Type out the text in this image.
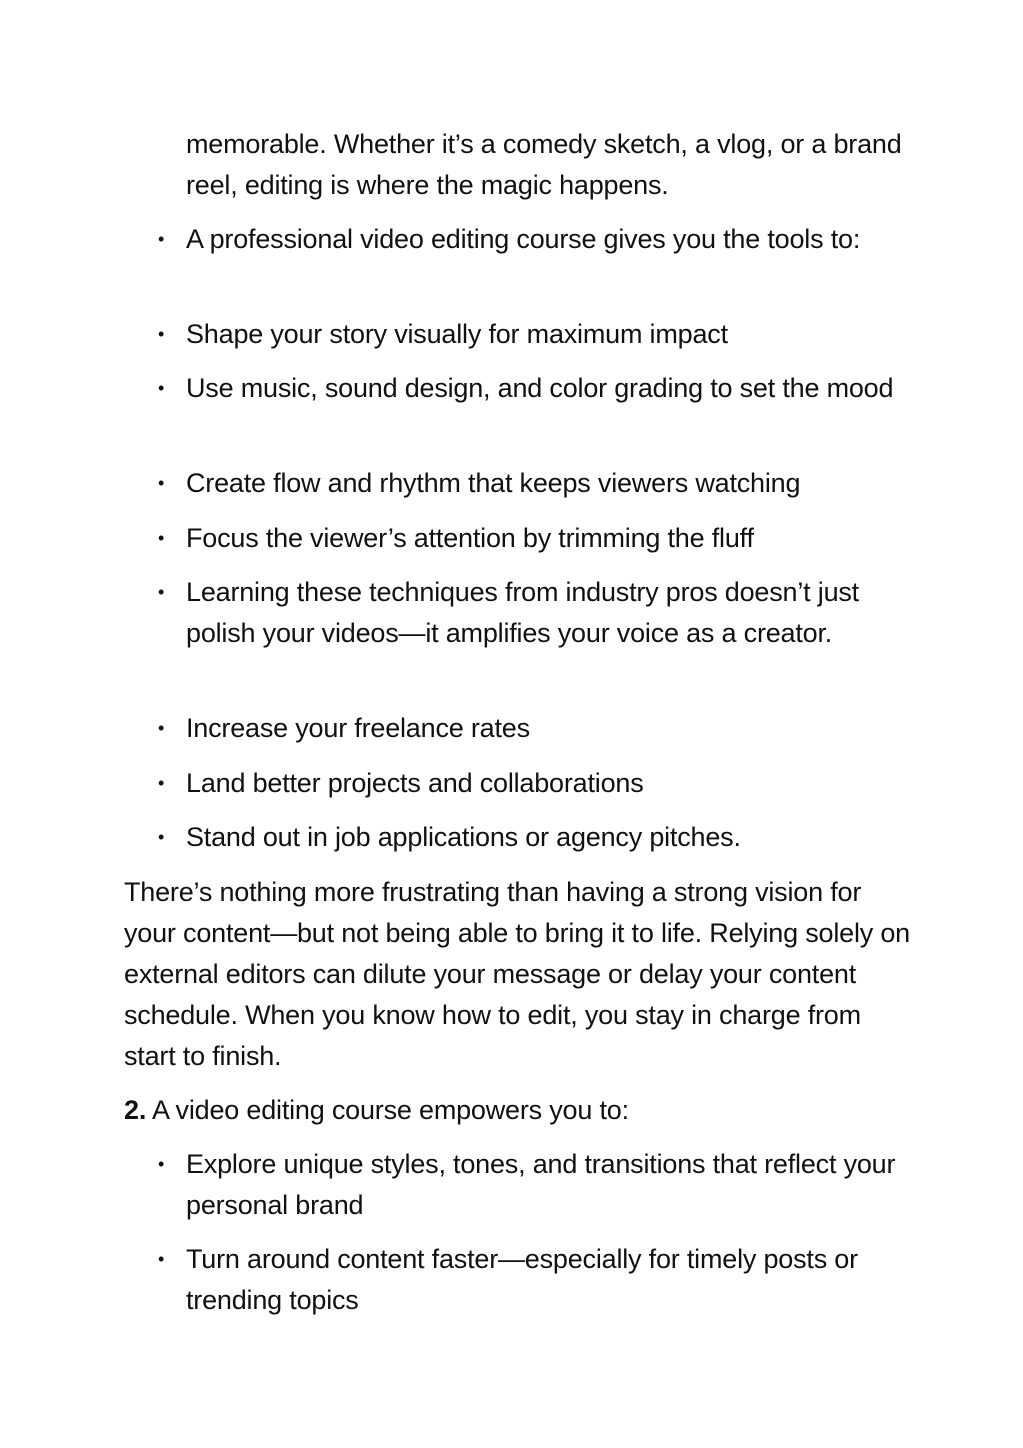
memorable. Whether it’s a comedy sketch, a vlog, or a brand reel, editing is where the magic happens.
• A professional video editing course gives you the tools to:
• Shape your story visually for maximum impact
• Use music, sound design, and color grading to set the mood
• Create flow and rhythm that keeps viewers watching
• Focus the viewer’s attention by trimming the fluff
• Learning these techniques from industry pros doesn’t just polish your videos—it amplifies your voice as a creator.
• Increase your freelance rates
• Land better projects and collaborations
• Stand out in job applications or agency pitches.
There’s nothing more frustrating than having a strong vision for your content—but not being able to bring it to life. Relying solely on external editors can dilute your message or delay your content schedule. When you know how to edit, you stay in charge from start to finish.
2. A video editing course empowers you to:
• Explore unique styles, tones, and transitions that reflect your personal brand
• Turn around content faster—especially for timely posts or trending topics
